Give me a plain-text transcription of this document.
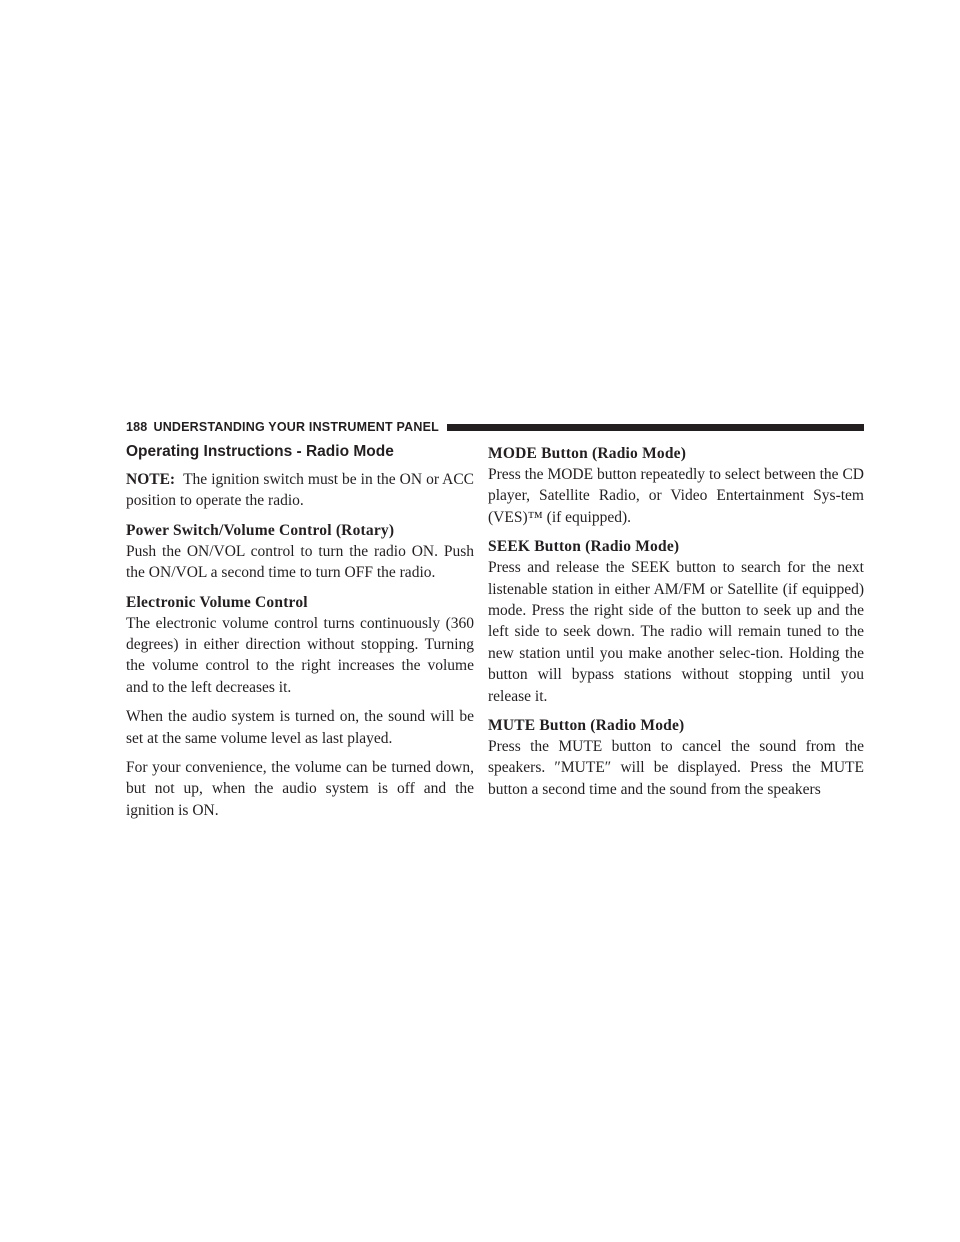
188 UNDERSTANDING YOUR INSTRUMENT PANEL
Operating Instructions - Radio Mode

NOTE: The ignition switch must be in the ON or ACC position to operate the radio.

Power Switch/Volume Control (Rotary)

Push the ON/VOL control to turn the radio ON. Push the ON/VOL a second time to turn OFF the radio.

Electronic Volume Control

The electronic volume control turns continuously (360 degrees) in either direction without stopping. Turning the volume control to the right increases the volume and to the left decreases it.

When the audio system is turned on, the sound will be set at the same volume level as last played.

For your convenience, the volume can be turned down, but not up, when the audio system is off and the ignition is ON.

MODE Button (Radio Mode)

Press the MODE button repeatedly to select between the CD player, Satellite Radio, or Video Entertainment Sys-tem (VES)™ (if equipped).

SEEK Button (Radio Mode)

Press and release the SEEK button to search for the next listenable station in either AM/FM or Satellite (if equipped) mode. Press the right side of the button to seek up and the left side to seek down. The radio will remain tuned to the new station until you make another selec-tion. Holding the button will bypass stations without stopping until you release it.

MUTE Button (Radio Mode)

Press the MUTE button to cancel the sound from the speakers. ″MUTE″ will be displayed. Press the MUTE button a second time and the sound from the speakers
